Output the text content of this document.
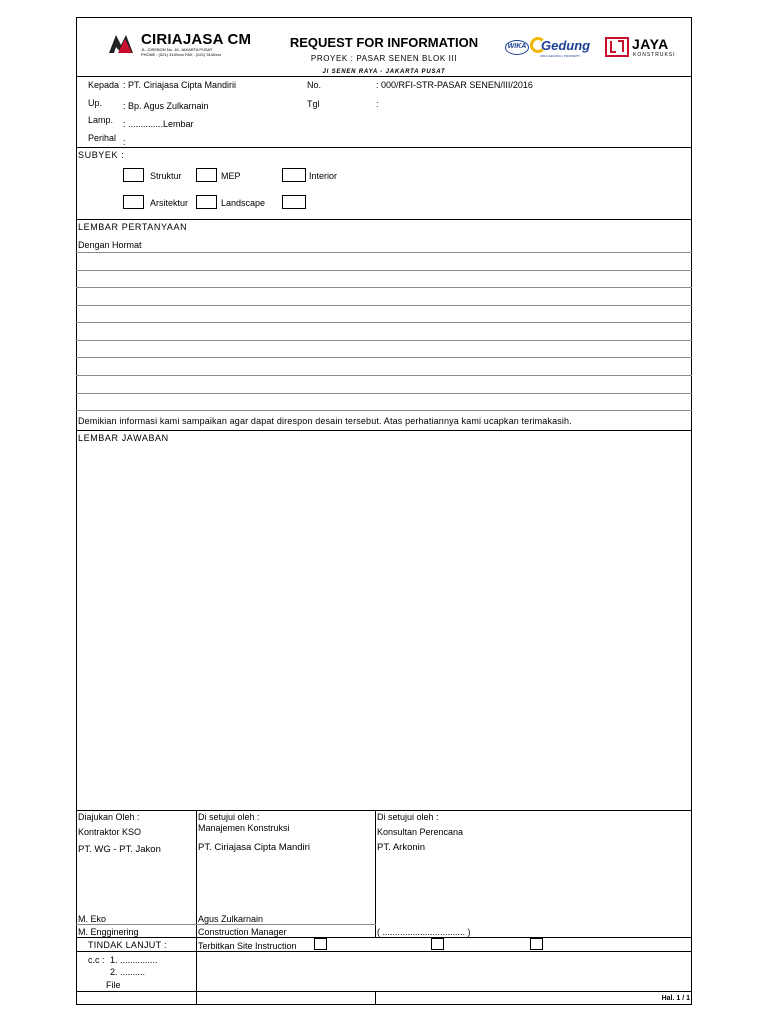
CIRIAJASA CM
JL. CIREBON No. 16, JAKARTA PUSAT
PHONE : (021) 3140xxx FAX : (021) 3140xxx
REQUEST FOR INFORMATION
PROYEK : PASAR SENEN BLOK III
Jl SENEN RAYA - JAKARTA PUSAT
WIKA Gedung
WIKA GEDUNG | PROPERTY
JAYA
KONSTRUKSI
Kepada : PT. Ciriajasa Cipta Mandirii
Up. : Bp. Agus Zulkarnain
Lamp. : ..............Lembar
Perihal :
No.	: 000/RFI-STR-PASAR SENEN/III/2016
Tgl	:
SUBYEK :
Struktur	MEP	Interior
Arsitektur	Landscape
LEMBAR PERTANYAAN
Dengan Hormat
Demikian informasi kami sampaikan agar dapat direspon desain tersebut. Atas perhatiannya kami ucapkan terimakasih.
LEMBAR JAWABAN
Diajukan Oleh :
Kontraktor KSO
PT. WG - PT. Jakon
M. Eko
M. Engginering
Di setujui oleh :
Manajemen Konstruksi
PT. Ciriajasa Cipta Mandiri
Agus Zulkarnain
Construction Manager
Di setujui oleh :
Konsultan Perencana
PT. Arkonin
( ................................. )
TINDAK LANJUT :	Terbitkan Site Instruction
c.c : 1. ...............
2. ..........
File
Hal. 1 / 1
